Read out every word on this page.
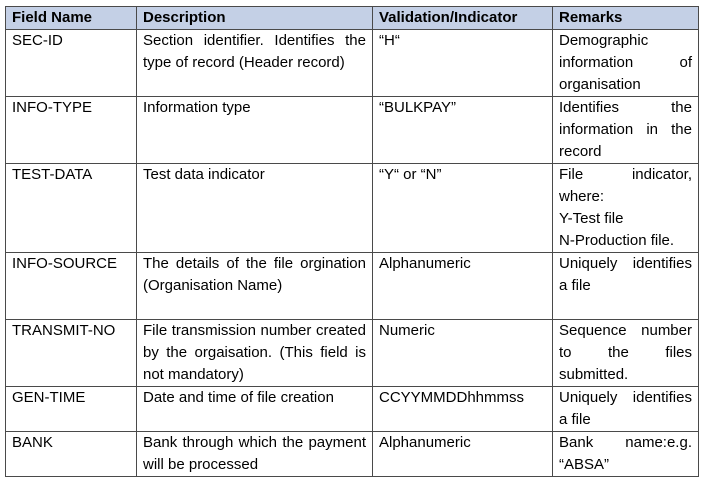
Field Name	Description	Validation/Indicator	Remarks
SEC-ID	Section identifier. Identifies the type of record (Header record)	“H“	Demographic information of organisation

INFO-TYPE	Information type	“BULKPAY”	Identifies the information in the record

TEST-DATA	Test data indicator	“Y“ or “N”	File indicator, where:
Y-Test file
N-Production file.

INFO-SOURCE	The details of the file orgination (Organisation Name)	Alphanumeric	Uniquely identifies a file

TRANSMIT-NO	File transmission number created by the orgaisation. (This field is not mandatory)	Numeric	Sequence number to the files submitted.

GEN-TIME	Date and time of file creation	CCYYMMDDhhmmss	Uniquely identifies a file

BANK	Bank through which the payment will be processed	Alphanumeric	Bank name:e.g. “ABSA”
